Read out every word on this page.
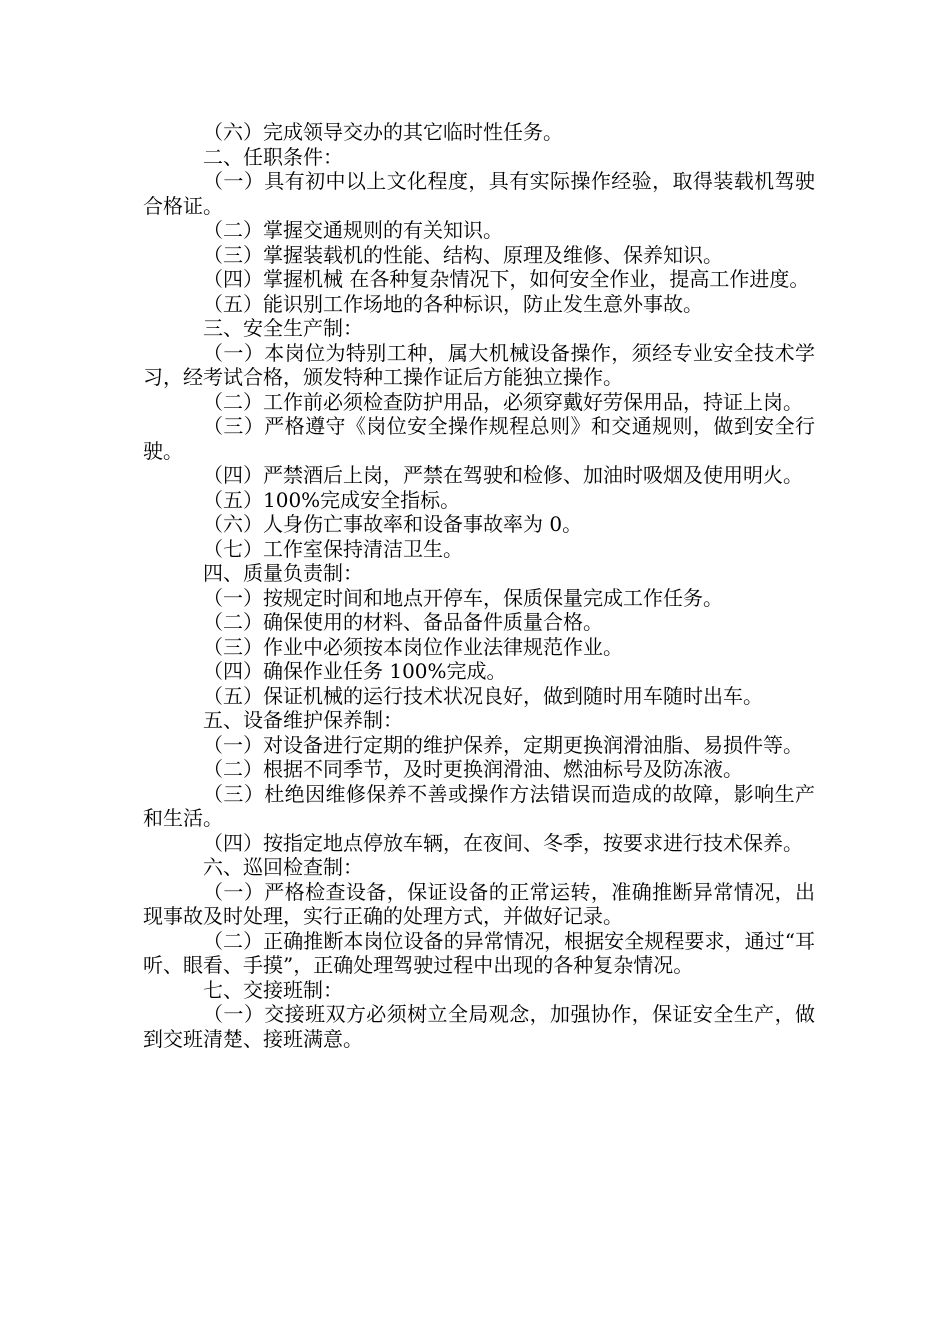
（六）完成领导交办的其它临时性任务。

二、任职条件：

（一）具有初中以上文化程度，具有实际操作经验，取得装载机驾驶合格证。

（二）掌握交通规则的有关知识。

（三）掌握装载机的性能、结构、原理及维修、保养知识。

（四）掌握机械 在各种复杂情况下，如何安全作业，提高工作进度。

（五）能识别工作场地的各种标识，防止发生意外事故。

三、安全生产制：

（一）本岗位为特别工种，属大机械设备操作，须经专业安全技术学习，经考试合格，颁发特种工操作证后方能独立操作。

（二）工作前必须检查防护用品，必须穿戴好劳保用品，持证上岗。

（三）严格遵守《岗位安全操作规程总则》和交通规则，做到安全行驶。

（四）严禁酒后上岗，严禁在驾驶和检修、加油时吸烟及使用明火。

（五）100%完成安全指标。

（六）人身伤亡事故率和设备事故率为 0。

（七）工作室保持清洁卫生。

四、质量负责制：

（一）按规定时间和地点开停车，保质保量完成工作任务。

（二）确保使用的材料、备品备件质量合格。

（三）作业中必须按本岗位作业法律规范作业。

（四）确保作业任务 100%完成。

（五）保证机械的运行技术状况良好，做到随时用车随时出车。

五、设备维护保养制：

（一）对设备进行定期的维护保养，定期更换润滑油脂、易损件等。

（二）根据不同季节，及时更换润滑油、燃油标号及防冻液。

（三）杜绝因维修保养不善或操作方法错误而造成的故障，影响生产和生活。

（四）按指定地点停放车辆，在夜间、冬季，按要求进行技术保养。

六、巡回检查制：

（一）严格检查设备，保证设备的正常运转，准确推断异常情况，出现事故及时处理，实行正确的处理方式，并做好记录。

（二）正确推断本岗位设备的异常情况，根据安全规程要求，通过“耳听、眼看、手摸”，正确处理驾驶过程中出现的各种复杂情况。

七、交接班制：

（一）交接班双方必须树立全局观念，加强协作，保证安全生产，做到交班清楚、接班满意。
